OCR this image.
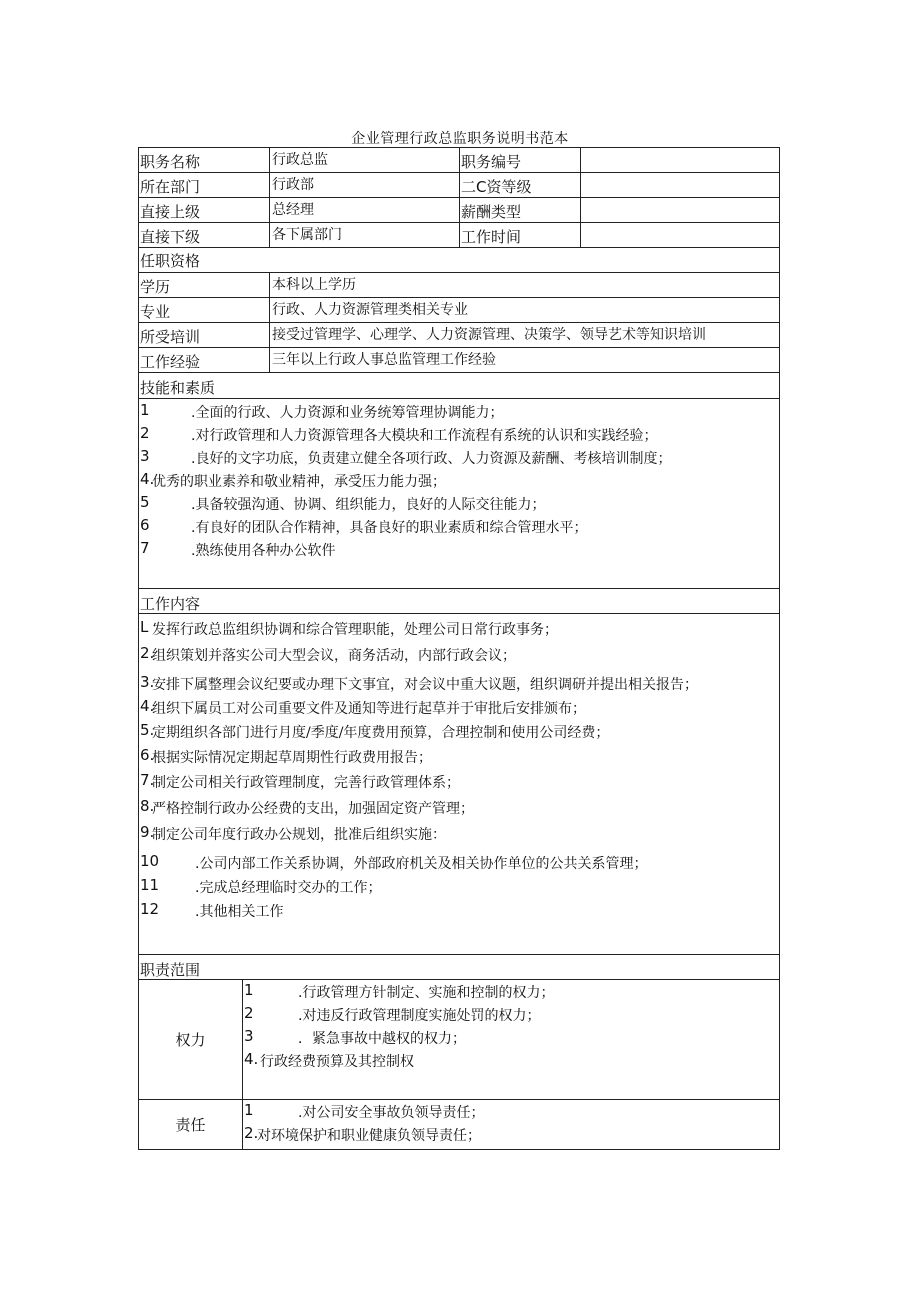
企业管理行政总监职务说明书范本
职务名称	行政总监	职务编号
所在部门	行政部	二C资等级
直接上级	总经理	薪酬类型
直接下级	各下属部门	工作时间
任职资格
学历	本科以上学历
专业	行政、人力资源管理类相关专业
所受培训	接受过管理学、心理学、人力资源管理、决策学、领导艺术等知识培训
工作经验	三年以上行政人事总监管理工作经验
技能和素质
1	.全面的行政、人力资源和业务统筹管理协调能力；
2	.对行政管理和人力资源管理各大模块和工作流程有系统的认识和实践经验；
3	.良好的文字功底，负责建立健全各项行政、人力资源及薪酬、考核培训制度；
4.
优秀的职业素养和敬业精神，承受压力能力强；
5	.具备较强沟通、协调、组织能力，良好的人际交往能力；
6	.有良好的团队合作精神，具备良好的职业素质和综合管理水平；
7	.熟练使用各种办公软件
工作内容
L 发挥行政总监组织协调和综合管理职能，处理公司日常行政事务；
2.
组织策划并落实公司大型会议，商务活动，内部行政会议；
3.
安排下属整理会议纪要或办理下文事宜，对会议中重大议题，组织调研并提出相关报告；
4.
组织下属员工对公司重要文件及通知等进行起草并于审批后安排颁布；
5.
定期组织各部门进行月度/季度/年度费用预算，合理控制和使用公司经费；
6.
根据实际情况定期起草周期性行政费用报告；
7.
制定公司相关行政管理制度，完善行政管理体系；
8.
严格控制行政办公经费的支出，加强固定资产管理；
9.
制定公司年度行政办公规划，批准后组织实施：
10	.公司内部工作关系协调，外部政府机关及相关协作单位的公共关系管理；
11	.完成总经理临时交办的工作；
12	.其他相关工作
职责范围
权力
1	.行政管理方针制定、实施和控制的权力；
2	.对违反行政管理制度实施处罚的权力；
3	．紧急事故中越权的权力；
4. 行政经费预算及其控制权
责任
1	.对公司安全事故负领导责任；
2.
对环境保护和职业健康负领导责任；
